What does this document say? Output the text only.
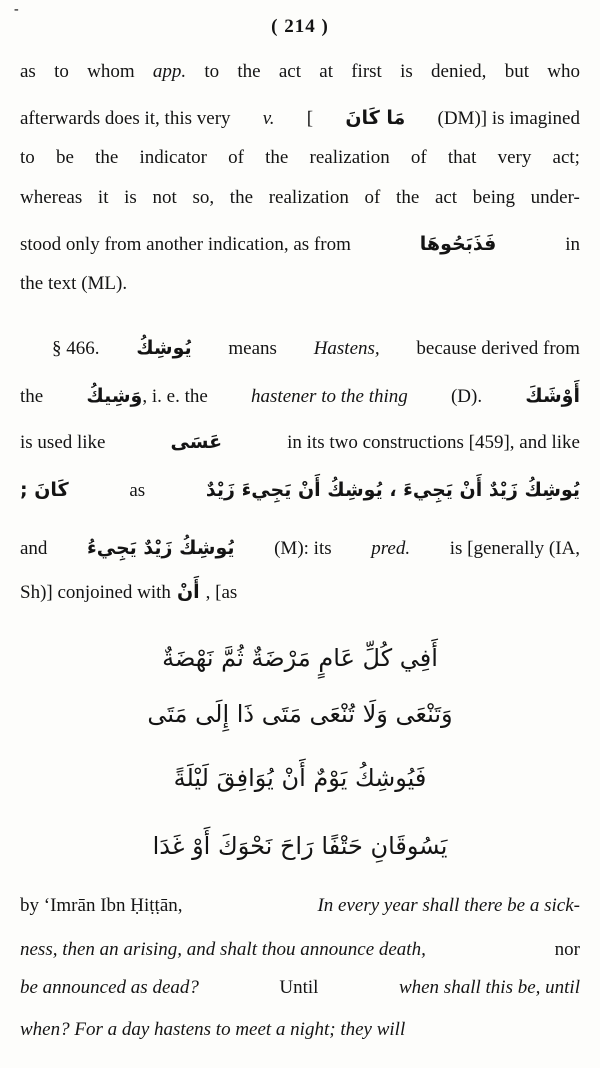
-
( 214 )
as to whom app. to the act at first is denied, but who
afterwards does it, this very v. [ مَا كَانَ (DM)] is imagined
to be the indicator of the realization of that very act;
whereas it is not so, the realization of the act being under-
stood only from another indication, as from	فَذَبَحُوهَا	in
the text (ML).
§ 466. يُوشِكُ means Hastens, because derived from
the وَشِيكُ, i. e. the hastener to the thing (D). أَوْشَكَ
is used like	عَسَى	in its two constructions [459], and like
كَانَ ;	as	يُوشِكُ زَيْدٌ أَنْ يَجِيءَ ، يُوشِكُ أَنْ يَجِيءَ زَيْدٌ
and يُوشِكُ زَيْدٌ يَجِيءُ (M): its pred. is [generally (IA,
Sh)] conjoined with أَنْ , [as
أَفِي كُلِّ عَامٍ مَرْضَةٌ ثُمَّ نَهْضَةٌ
وَتَنْعَى وَلَا تُنْعَى مَتَى ذَا إِلَى مَتَى
فَيُوشِكُ يَوْمٌ أَنْ يُوَافِقَ لَيْلَةً
يَسُوقَانِ حَتْفًا رَاحَ نَحْوَكَ أَوْ غَدَا
by ‘Imrān Ibn Ḥiṭṭān,	In every year shall there be a sick-
ness, then an arising, and shalt thou announce death,	nor
be announced as dead?	Until	when shall this be, until
when? For a day hastens to meet a night; they will
